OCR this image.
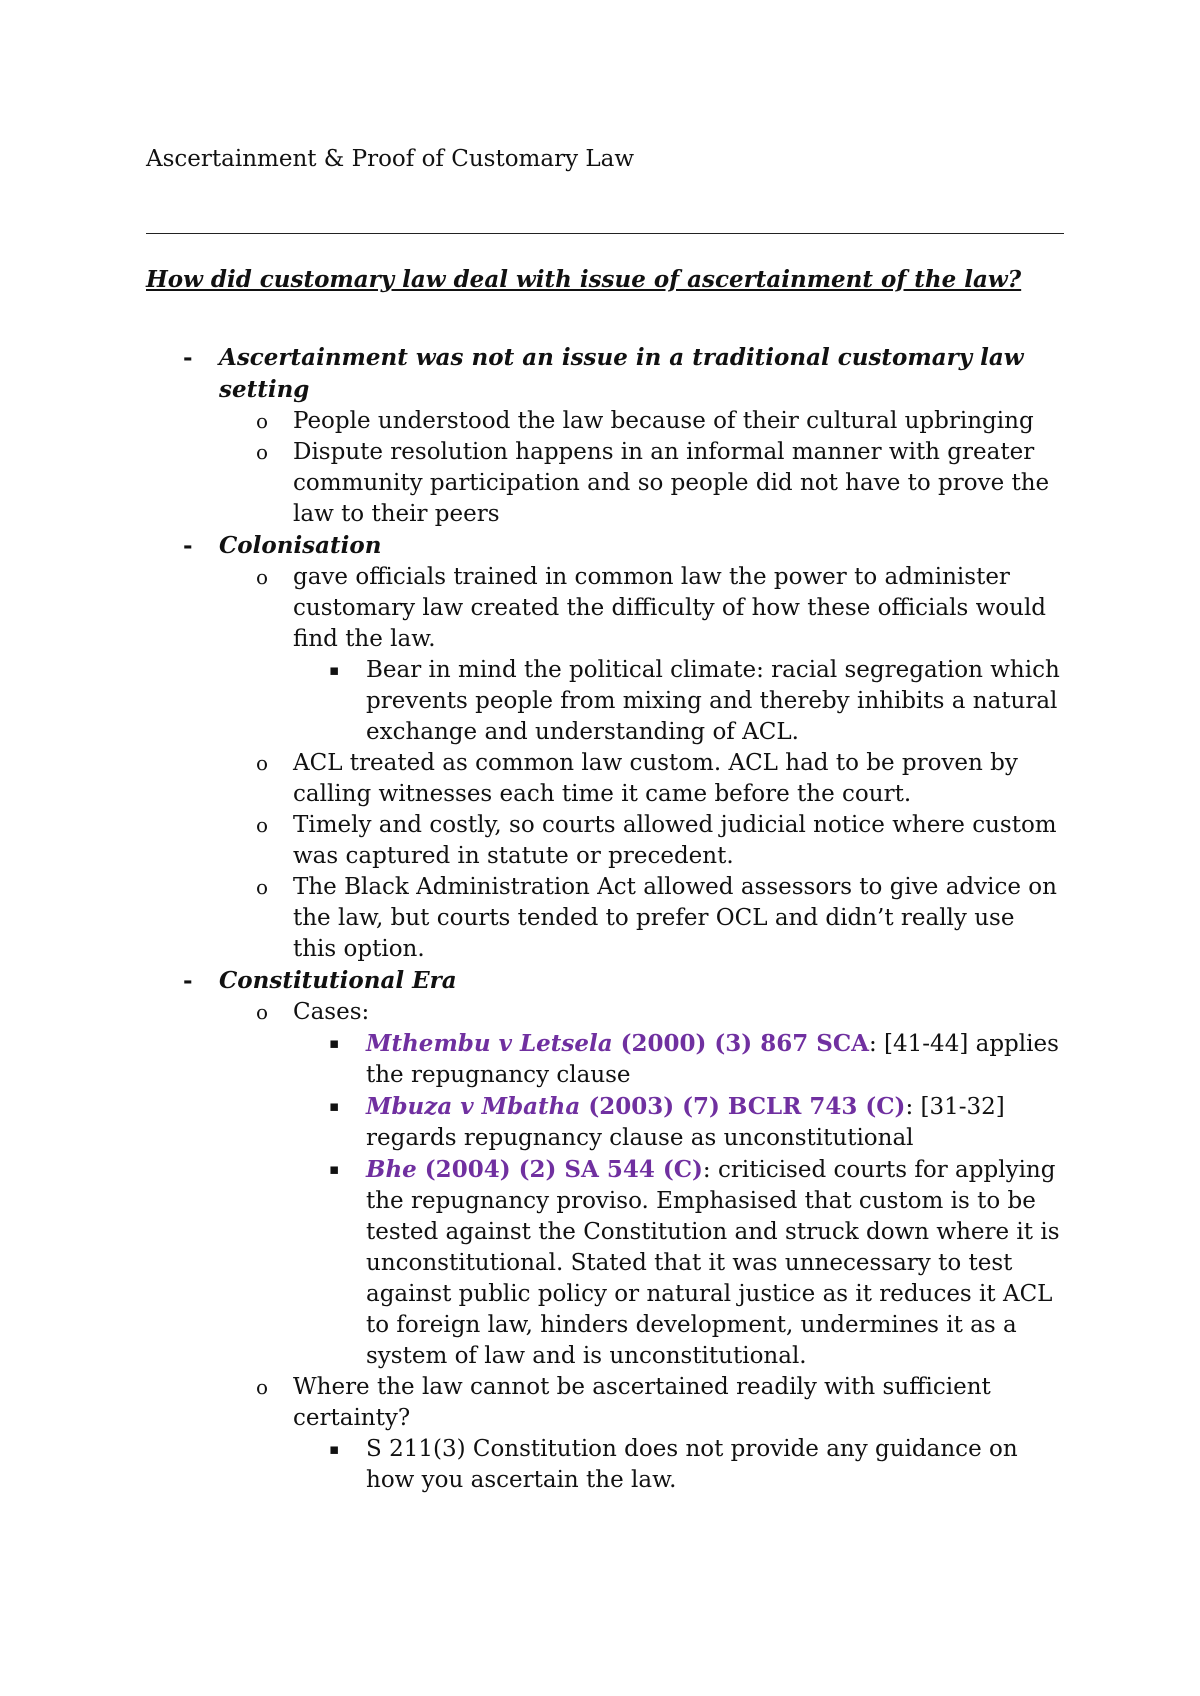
Ascertainment & Proof of Customary Law
How did customary law deal with issue of ascertainment of the law?
- Ascertainment was not an issue in a traditional customary law setting
o People understood the law because of their cultural upbringing
o Dispute resolution happens in an informal manner with greater community participation and so people did not have to prove the law to their peers
- Colonisation
o gave officials trained in common law the power to administer customary law created the difficulty of how these officials would find the law.
▪ Bear in mind the political climate: racial segregation which prevents people from mixing and thereby inhibits a natural exchange and understanding of ACL.
o ACL treated as common law custom. ACL had to be proven by calling witnesses each time it came before the court.
o Timely and costly, so courts allowed judicial notice where custom was captured in statute or precedent.
o The Black Administration Act allowed assessors to give advice on the law, but courts tended to prefer OCL and didn’t really use this option.
- Constitutional Era
o Cases:
▪ Mthembu v Letsela (2000) (3) 867 SCA: [41-44] applies the repugnancy clause
▪ Mbuza v Mbatha (2003) (7) BCLR 743 (C): [31-32] regards repugnancy clause as unconstitutional
▪ Bhe (2004) (2) SA 544 (C): criticised courts for applying the repugnancy proviso. Emphasised that custom is to be tested against the Constitution and struck down where it is unconstitutional. Stated that it was unnecessary to test against public policy or natural justice as it reduces it ACL to foreign law, hinders development, undermines it as a system of law and is unconstitutional.
o Where the law cannot be ascertained readily with sufficient certainty?
▪ S 211(3) Constitution does not provide any guidance on how you ascertain the law.
